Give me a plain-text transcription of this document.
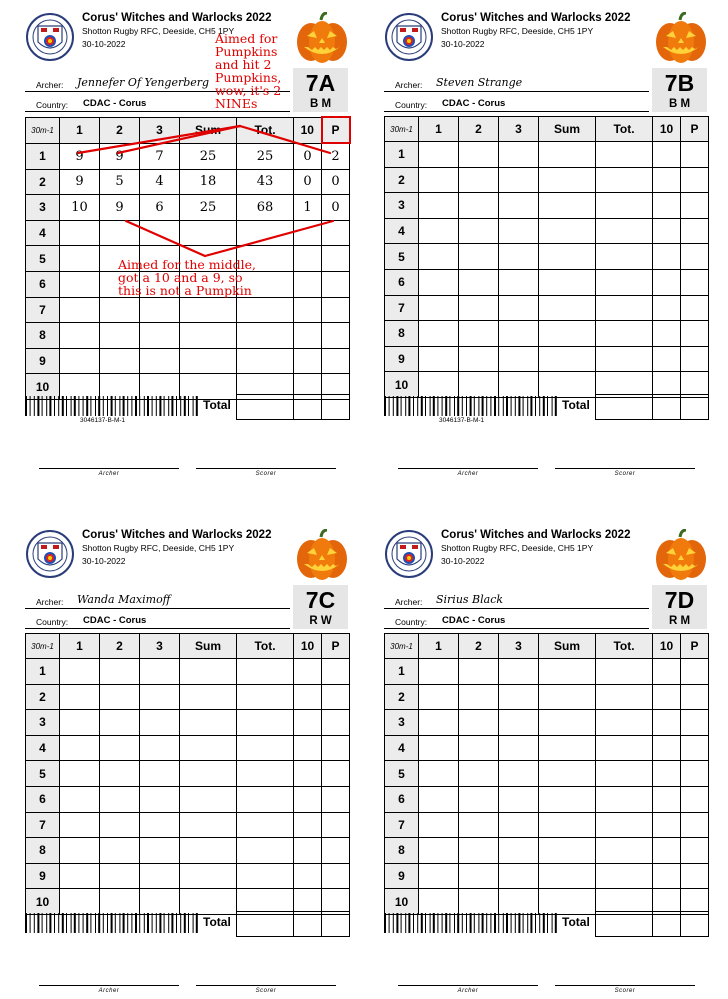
Corus' Witches and Warlocks 2022
Shotton Rugby RFC, Deeside, CH5 1PY
30-10-2022
Archer: Jennefer Of Yengerberg
Country: CDAC - Corus
7A
B M
30m-1	1	2	3	Sum	Tot.	10	P
1	9	9	7	25	25	0	2
2	9	5	4	18	43	0	0
3	10	9	6	25	68	1	0
4							
5							
6							
7							
8							
9							
10							
3046137-B-M-1
Total
Archer	Scorer
Corus' Witches and Warlocks 2022
Shotton Rugby RFC, Deeside, CH5 1PY
30-10-2022
Archer: Steven Strange
Country: CDAC - Corus
7B
B M
30m-1	1	2	3	Sum	Tot.	10	P
1							
2							
3							
4							
5							
6							
7							
8							
9							
10							
3046137-B-M-1
Total
Archer	Scorer
Corus' Witches and Warlocks 2022
Shotton Rugby RFC, Deeside, CH5 1PY
30-10-2022
Archer: Wanda Maximoff
Country: CDAC - Corus
7C
R W
30m-1	1	2	3	Sum	Tot.	10	P
1							
2							
3							
4							
5							
6							
7							
8							
9							
10							
Total
Archer	Scorer
Corus' Witches and Warlocks 2022
Shotton Rugby RFC, Deeside, CH5 1PY
30-10-2022
Archer: Sirius Black
Country: CDAC - Corus
7D
R M
30m-1	1	2	3	Sum	Tot.	10	P
1							
2							
3							
4							
5							
6							
7							
8							
9							
10							
Total
Archer	Scorer
Aimed for
Pumpkins
and hit 2
Pumpkins,
wow, it's 2
NINEs
Aimed for the middle,
got a 10 and a 9, so
this is not a Pumpkin
